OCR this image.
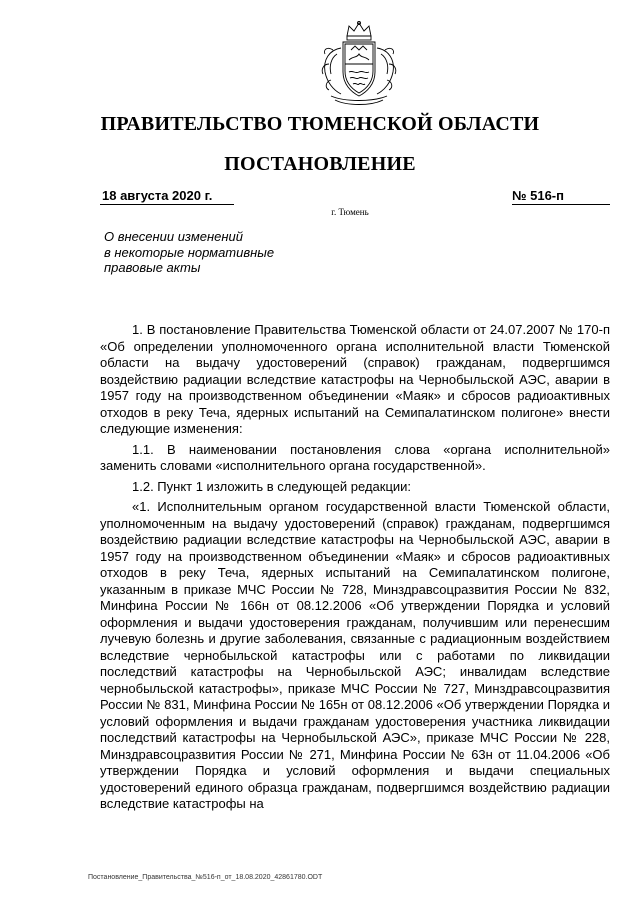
ПРАВИТЕЛЬСТВО ТЮМЕНСКОЙ ОБЛАСТИ
ПОСТАНОВЛЕНИЕ
18 августа 2020 г.	№ 516-п
г. Тюмень
О внесении изменений
в некоторые нормативные
правовые акты

1. В постановление Правительства Тюменской области от 24.07.2007 № 170-п «Об определении уполномоченного органа исполнительной власти Тюменской области на выдачу удостоверений (справок) гражданам, подвергшимся воздействию радиации вследствие катастрофы на Чернобыльской АЭС, аварии в 1957 году на производственном объединении «Маяк» и сбросов радиоактивных отходов в реку Теча, ядерных испытаний на Семипалатинском полигоне» внести следующие изменения:

1.1. В наименовании постановления слова «органа исполнительной» заменить словами «исполнительного органа государственной».

1.2. Пункт 1 изложить в следующей редакции:

«1. Исполнительным органом государственной власти Тюменской области, уполномоченным на выдачу удостоверений (справок) гражданам, подвергшимся воздействию радиации вследствие катастрофы на Чернобыльской АЭС, аварии в 1957 году на производственном объединении «Маяк» и сбросов радиоактивных отходов в реку Теча, ядерных испытаний на Семипалатинском полигоне, указанным в приказе МЧС России № 728, Минздравсоцразвития России № 832, Минфина России № 166н от 08.12.2006 «Об утверждении Порядка и условий оформления и выдачи удостоверения гражданам, получившим или перенесшим лучевую болезнь и другие заболевания, связанные с радиационным воздействием вследствие чернобыльской катастрофы или с работами по ликвидации последствий катастрофы на Чернобыльской АЭС; инвалидам вследствие чернобыльской катастрофы», приказе МЧС России № 727, Минздравсоцразвития России № 831, Минфина России № 165н от 08.12.2006 «Об утверждении Порядка и условий оформления и выдачи гражданам удостоверения участника ликвидации последствий катастрофы на Чернобыльской АЭС», приказе МЧС России № 228, Минздравсоцразвития России № 271, Минфина России № 63н от 11.04.2006 «Об утверждении Порядка и условий оформления и выдачи специальных удостоверений единого образца гражданам, подвергшимся воздействию радиации вследствие катастрофы на

Постановление_Правительства_№516-п_от_18.08.2020_42861780.ODT
